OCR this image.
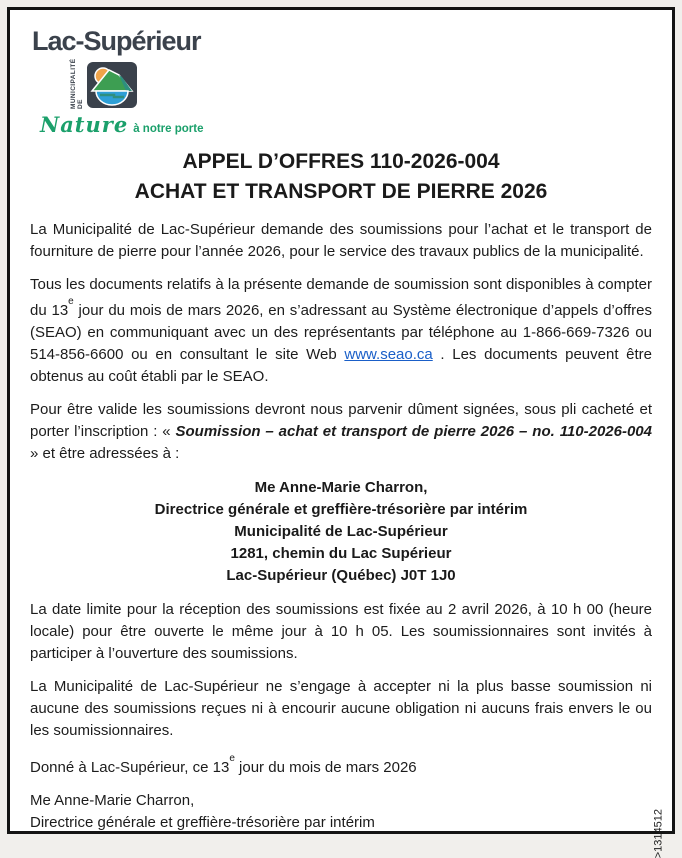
Lac-Supérieur
MUNICIPALITÉ DE
Nature à notre porte
APPEL D’OFFRES 110-2026-004
ACHAT ET TRANSPORT DE PIERRE 2026

La Municipalité de Lac-Supérieur demande des soumissions pour l’achat et le transport de fourniture de pierre pour l’année 2026, pour le service des travaux publics de la municipalité.

Tous les documents relatifs à la présente demande de soumission sont disponibles à compter du 13e jour du mois de mars 2026, en s’adressant au Système électronique d’appels d’offres (SEAO) en communiquant avec un des représentants par téléphone au 1-866-669-7326 ou 514-856-6600 ou en consultant le site Web www.seao.ca . Les documents peuvent être obtenus au coût établi par le SEAO.

Pour être valide les soumissions devront nous parvenir dûment signées, sous pli cacheté et porter l’inscription : « Soumission – achat et transport de pierre 2026 – no. 110-2026-004 » et être adressées à :

Me Anne-Marie Charron,
Directrice générale et greffière-trésorière par intérim
Municipalité de Lac-Supérieur
1281, chemin du Lac Supérieur
Lac-Supérieur (Québec) J0T 1J0

La date limite pour la réception des soumissions est fixée au 2 avril 2026, à 10 h 00 (heure locale) pour être ouverte le même jour à 10 h 05. Les soumissionnaires sont invités à participer à l’ouverture des soumissions.

La Municipalité de Lac-Supérieur ne s’engage à accepter ni la plus basse soumission ni aucune des soumissions reçues ni à encourir aucune obligation ni aucuns frais envers le ou les soumissionnaires.

Donné à Lac-Supérieur, ce 13e jour du mois de mars 2026

Me Anne-Marie Charron,

Directrice générale et greffière-trésorière par intérim	>1314512
